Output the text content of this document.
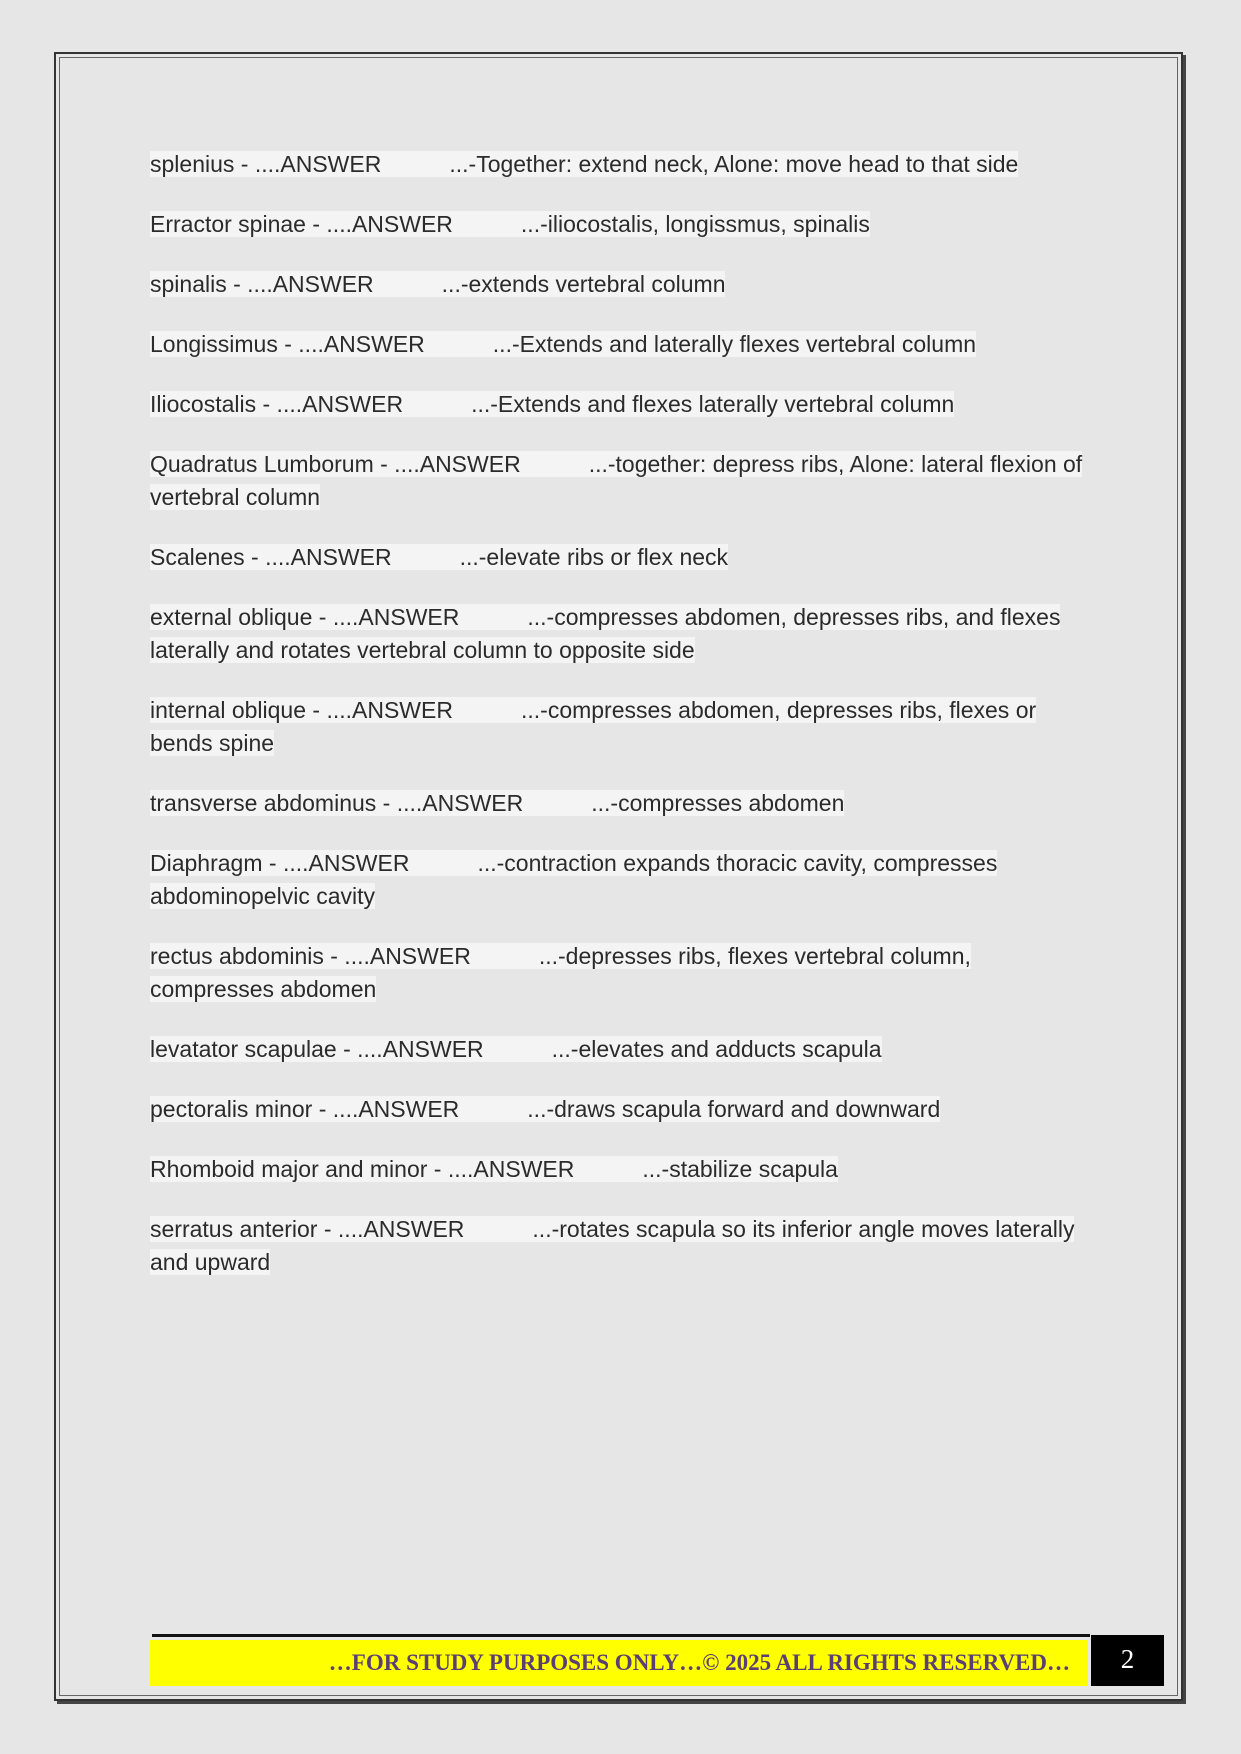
splenius - ....ANSWER	...-Together: extend neck, Alone: move head to that side
Erractor spinae - ....ANSWER	...-iliocostalis, longissmus, spinalis
spinalis - ....ANSWER	...-extends vertebral column
Longissimus - ....ANSWER	...-Extends and laterally flexes vertebral column
Iliocostalis - ....ANSWER	...-Extends and flexes laterally vertebral column
Quadratus Lumborum - ....ANSWER	...-together: depress ribs, Alone: lateral flexion of vertebral column
Scalenes - ....ANSWER	...-elevate ribs or flex neck
external oblique - ....ANSWER	...-compresses abdomen, depresses ribs, and flexes laterally and rotates vertebral column to opposite side
internal oblique - ....ANSWER	...-compresses abdomen, depresses ribs, flexes or bends spine
transverse abdominus - ....ANSWER	...-compresses abdomen
Diaphragm - ....ANSWER	...-contraction expands thoracic cavity, compresses abdominopelvic cavity
rectus abdominis - ....ANSWER	...-depresses ribs, flexes vertebral column, compresses abdomen
levatator scapulae - ....ANSWER	...-elevates and adducts scapula
pectoralis minor - ....ANSWER	...-draws scapula forward and downward
Rhomboid major and minor - ....ANSWER	...-stabilize scapula
serratus anterior - ....ANSWER	...-rotates scapula so its inferior angle moves laterally and upward
…FOR STUDY PURPOSES ONLY…© 2025 ALL RIGHTS RESERVED…	2
